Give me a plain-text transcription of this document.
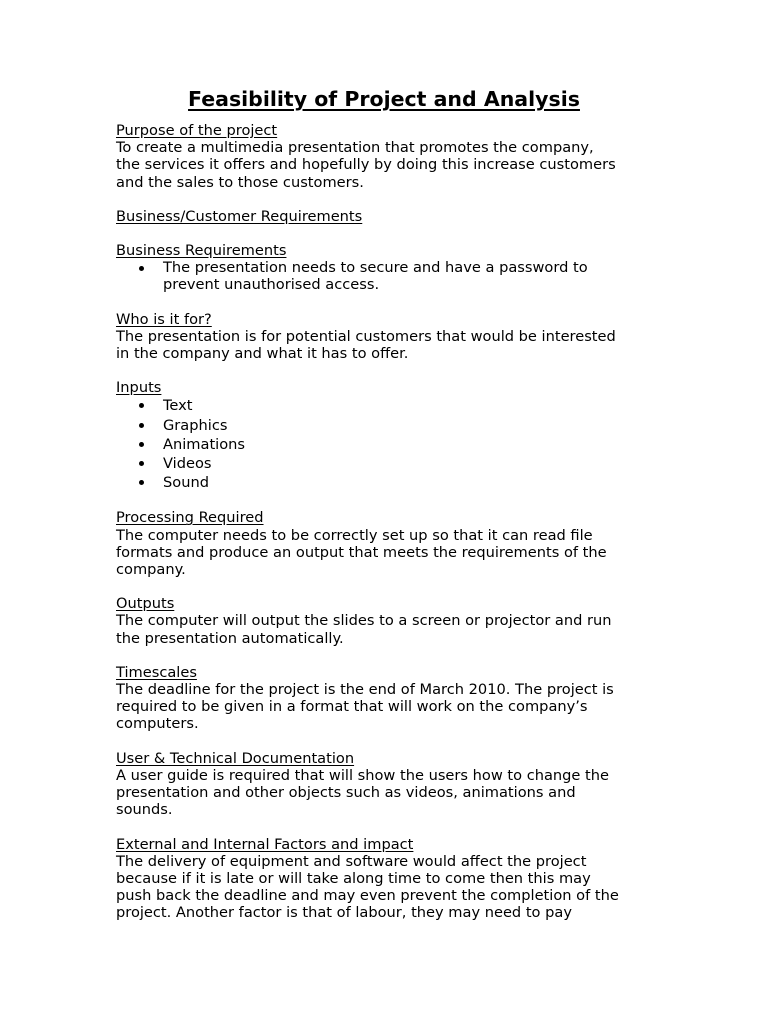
Feasibility of Project and Analysis
Purpose of the project
To create a multimedia presentation that promotes the company,
the services it offers and hopefully by doing this increase customers
and the sales to those customers.
Business/Customer Requirements
Business Requirements
The presentation needs to secure and have a password to
prevent unauthorised access.
Who is it for?
The presentation is for potential customers that would be interested
in the company and what it has to offer.
Inputs
Text
Graphics
Animations
Videos
Sound
Processing Required
The computer needs to be correctly set up so that it can read file
formats and produce an output that meets the requirements of the
company.
Outputs
The computer will output the slides to a screen or projector and run
the presentation automatically.
Timescales
The deadline for the project is the end of March 2010. The project is
required to be given in a format that will work on the company’s
computers.
User & Technical Documentation
A user guide is required that will show the users how to change the
presentation and other objects such as videos, animations and
sounds.
External and Internal Factors and impact
The delivery of equipment and software would affect the project
because if it is late or will take along time to come then this may
push back the deadline and may even prevent the completion of the
project. Another factor is that of labour, they may need to pay
